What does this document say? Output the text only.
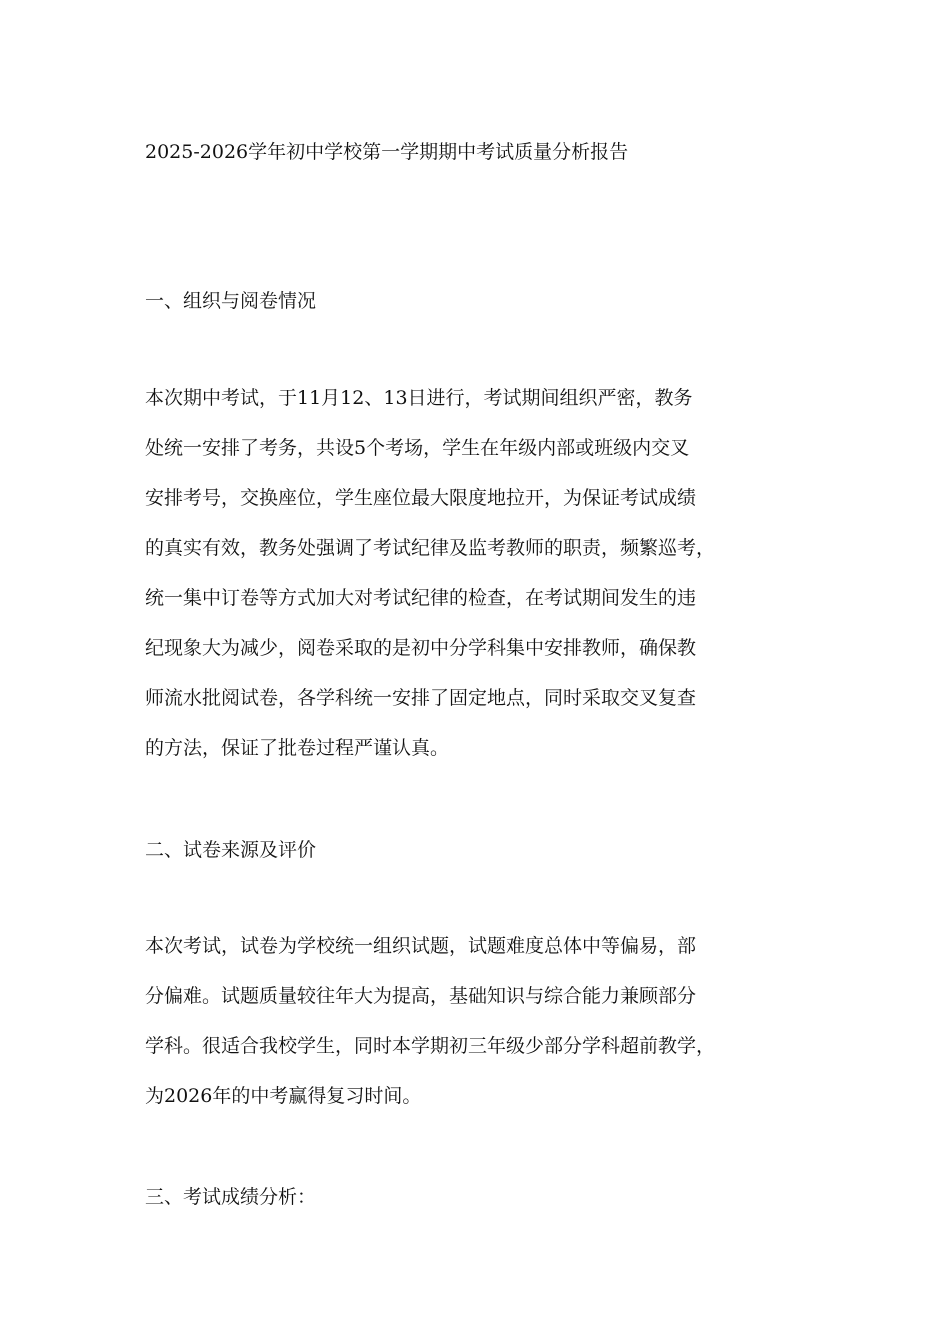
2025-2026学年初中学校第一学期期中考试质量分析报告
一、组织与阅卷情况
本次期中考试，于11月12、13日进行，考试期间组织严密，教务
处统一安排了考务，共设5个考场，学生在年级内部或班级内交叉
安排考号，交换座位，学生座位最大限度地拉开，为保证考试成绩
的真实有效，教务处强调了考试纪律及监考教师的职责，频繁巡考，
统一集中订卷等方式加大对考试纪律的检查，在考试期间发生的违
纪现象大为减少，阅卷采取的是初中分学科集中安排教师，确保教
师流水批阅试卷，各学科统一安排了固定地点，同时采取交叉复查
的方法，保证了批卷过程严谨认真。
二、试卷来源及评价
本次考试，试卷为学校统一组织试题，试题难度总体中等偏易，部
分偏难。试题质量较往年大为提高，基础知识与综合能力兼顾部分
学科。很适合我校学生，同时本学期初三年级少部分学科超前教学，
为2026年的中考赢得复习时间。
三、考试成绩分析：
